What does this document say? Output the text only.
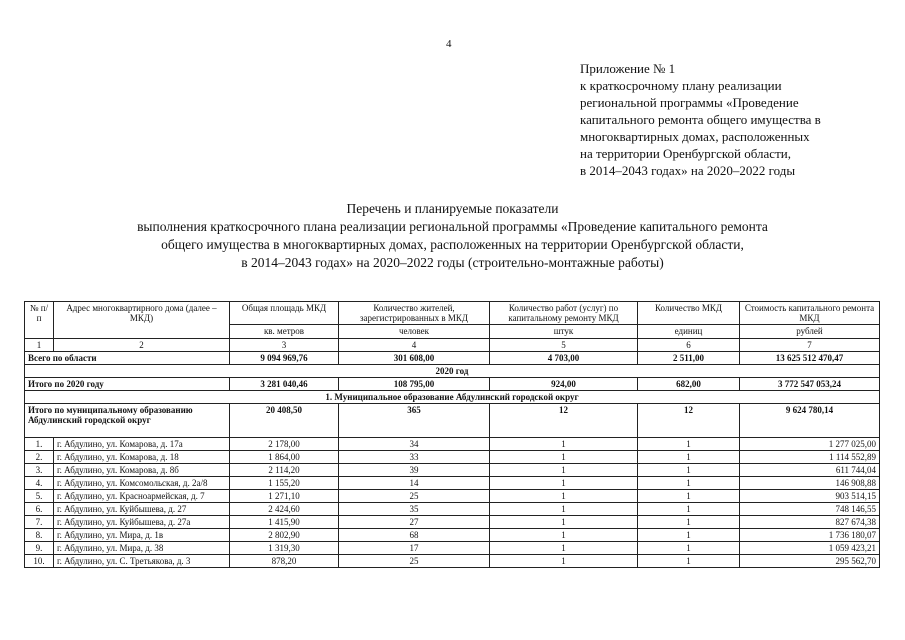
4
Приложение № 1
к краткосрочному плану реализации
региональной программы «Проведение
капитального ремонта общего имущества в
многоквартирных домах, расположенных
на территории Оренбургской области,
в 2014–2043 годах» на 2020–2022 годы
Перечень и планируемые показатели
выполнения краткосрочного плана реализации региональной программы «Проведение капитального ремонта
общего имущества в многоквартирных домах, расположенных на территории Оренбургской области,
в 2014–2043 годах» на 2020–2022 годы (строительно-монтажные работы)
№ п/п	Адрес многоквартирного дома (далее – МКД)	Общая площадь МКД	Количество жителей, зарегистрированных в МКД	Количество работ (услуг) по капитальному ремонту МКД	Количество МКД	Стоимость капитального ремонта МКД
		кв. метров	человек	штук	единиц	рублей
1	2	3	4	5	6	7
Всего по области		9 094 969,76	301 608,00	4 703,00	2 511,00	13 625 512 470,47
2020 год						
Итого по 2020 году		3 281 040,46	108 795,00	924,00	682,00	3 772 547 053,24
1. Муниципальное образование Абдулинский городской округ						
Итого по муниципальному образованию Абдулинский городской округ		20 408,50	365	12	12	9 624 780,14
1.	г. Абдулино, ул. Комарова, д. 17а	2 178,00	34	1	1	1 277 025,00
2.	г. Абдулино, ул. Комарова, д. 18	1 864,00	33	1	1	1 114 552,89
3.	г. Абдулино, ул. Комарова, д. 8б	2 114,20	39	1	1	611 744,04
4.	г. Абдулино, ул. Комсомольская, д. 2а/8	1 155,20	14	1	1	146 908,88
5.	г. Абдулино, ул. Красноармейская, д. 7	1 271,10	25	1	1	903 514,15
6.	г. Абдулино, ул. Куйбышева, д. 27	2 424,60	35	1	1	748 146,55
7.	г. Абдулино, ул. Куйбышева, д. 27а	1 415,90	27	1	1	827 674,38
8.	г. Абдулино, ул. Мира, д. 1в	2 802,90	68	1	1	1 736 180,07
9.	г. Абдулино, ул. Мира, д. 38	1 319,30	17	1	1	1 059 423,21
10.	г. Абдулино, ул. С. Третьякова, д. 3	878,20	25	1	1	295 562,70
